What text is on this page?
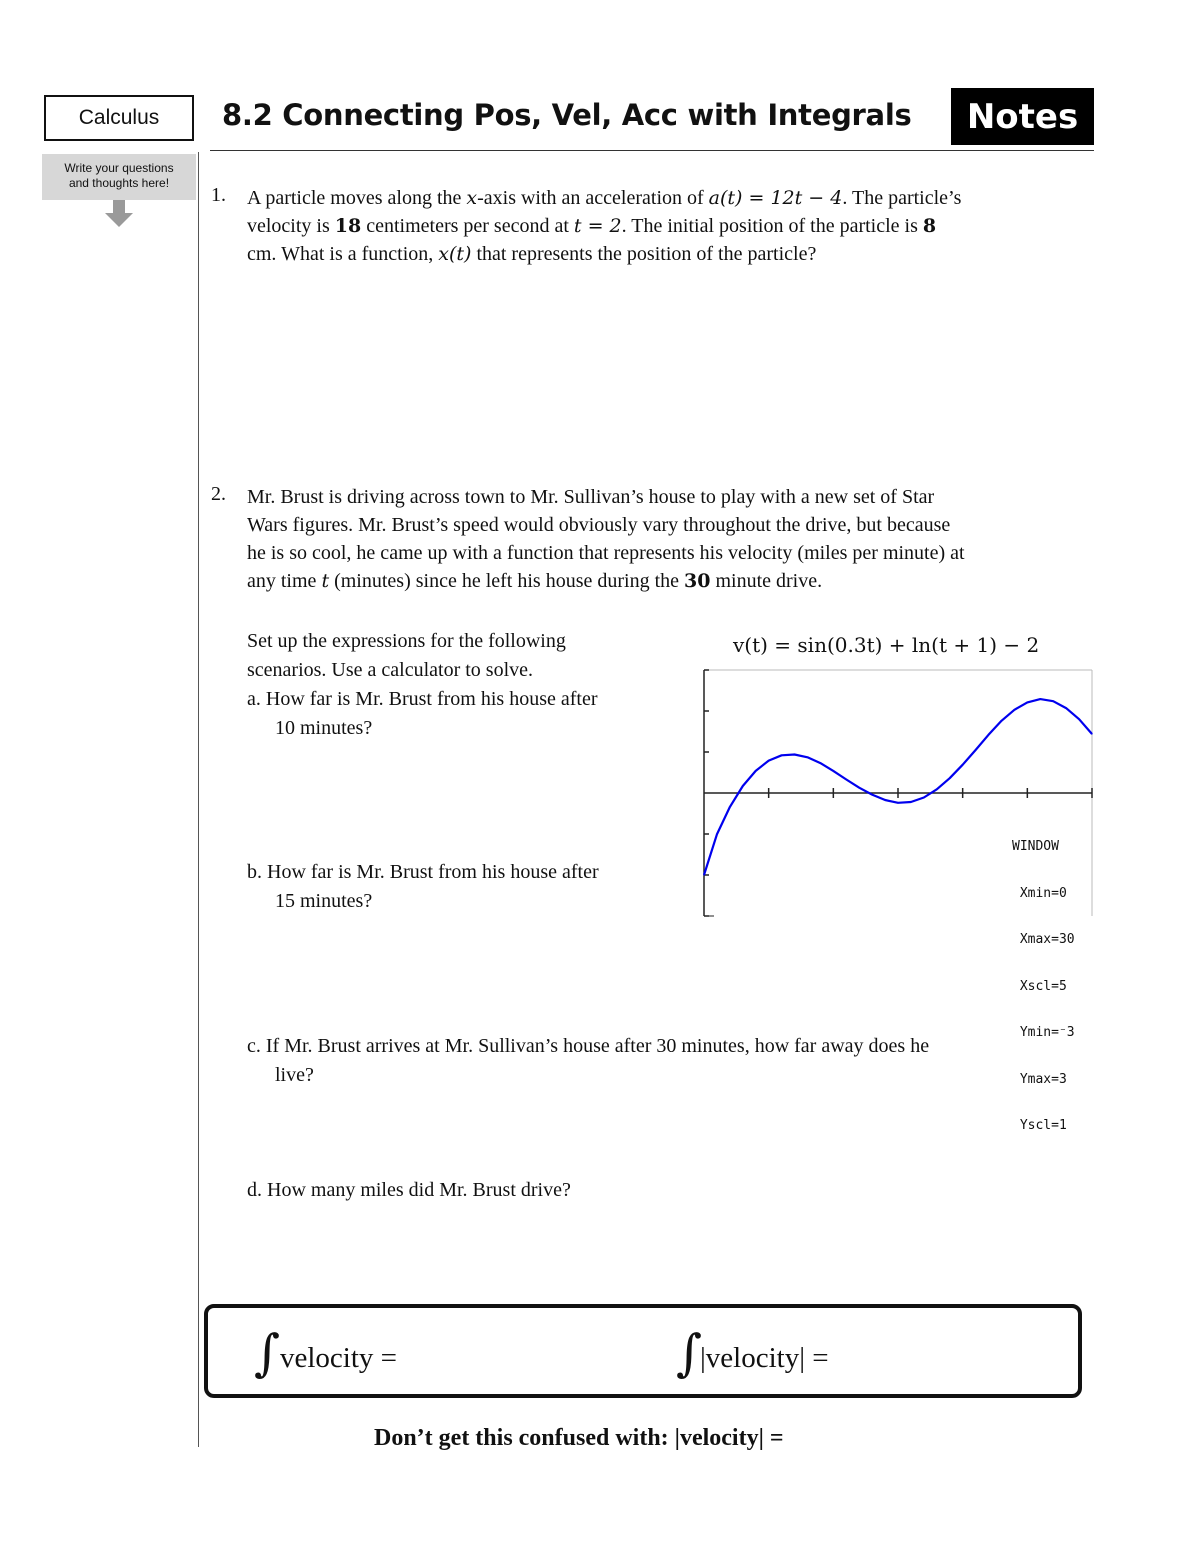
Calculus 8.2 Connecting Pos, Vel, Acc with Integrals Notes
Write your questions
and thoughts here!
1. A particle moves along the x-axis with an acceleration of a(t) = 12t − 4. The particle’s
velocity is 18 centimeters per second at t = 2. The initial position of the particle is 8
cm. What is a function, x(t) that represents the position of the particle?
2. Mr. Brust is driving across town to Mr. Sullivan’s house to play with a new set of Star
Wars figures. Mr. Brust’s speed would obviously vary throughout the drive, but because
he is so cool, he came up with a function that represents his velocity (miles per minute) at
any time t (minutes) since he left his house during the 30 minute drive.
Set up the expressions for the following
scenarios. Use a calculator to solve.
a. How far is Mr. Brust from his house after
10 minutes?
b. How far is Mr. Brust from his house after
15 minutes?
c. If Mr. Brust arrives at Mr. Sullivan’s house after 30 minutes, how far away does he
live?
d. How many miles did Mr. Brust drive?
v(t) = sin(0.3t) + ln(t + 1) − 2

WINDOW

Xmin=0

Xmax=30

Xscl=5

Ymin=⁻3

Ymax=3

Yscl=1

∫ velocity =	∫
|velocity| =
Don’t get this confused with: |velocity| =
